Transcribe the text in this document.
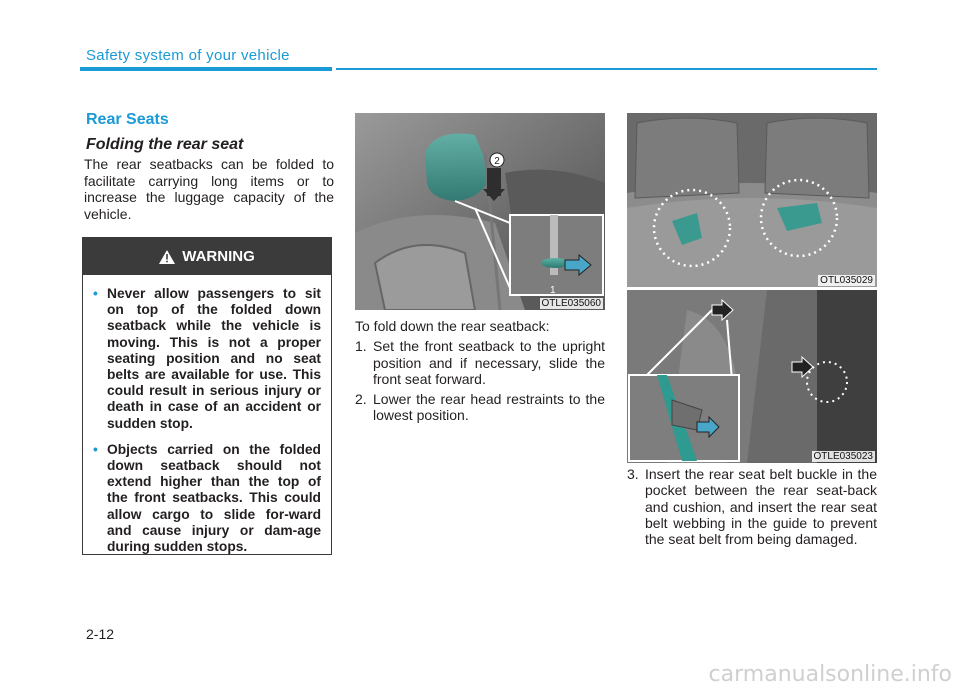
Safety system of your vehicle
Rear Seats
Folding the rear seat
The rear seatbacks can be folded to facilitate carrying long items or to increase the luggage capacity of the vehicle.
WARNING
• Never allow passengers to sit on top of the folded down seatback while the vehicle is moving. This is not a proper seating position and no seat belts are available for use. This could result in serious injury or death in case of an accident or sudden stop.
• Objects carried on the folded down seatback should not extend higher than the top of the front seatbacks. This could allow cargo to slide for-ward and cause injury or dam-age during sudden stops.
2
1
OTLE035060
OTL035029
OTLE035023
To fold down the rear seatback:
1. Set the front seatback to the upright position and if necessary, slide the front seat forward.
2. Lower the rear head restraints to the lowest position.
3. Insert the rear seat belt buckle in the pocket between the rear seat-back and cushion, and insert the rear seat belt webbing in the guide to prevent the seat belt from being damaged.
2-12
carmanualsonline.info
